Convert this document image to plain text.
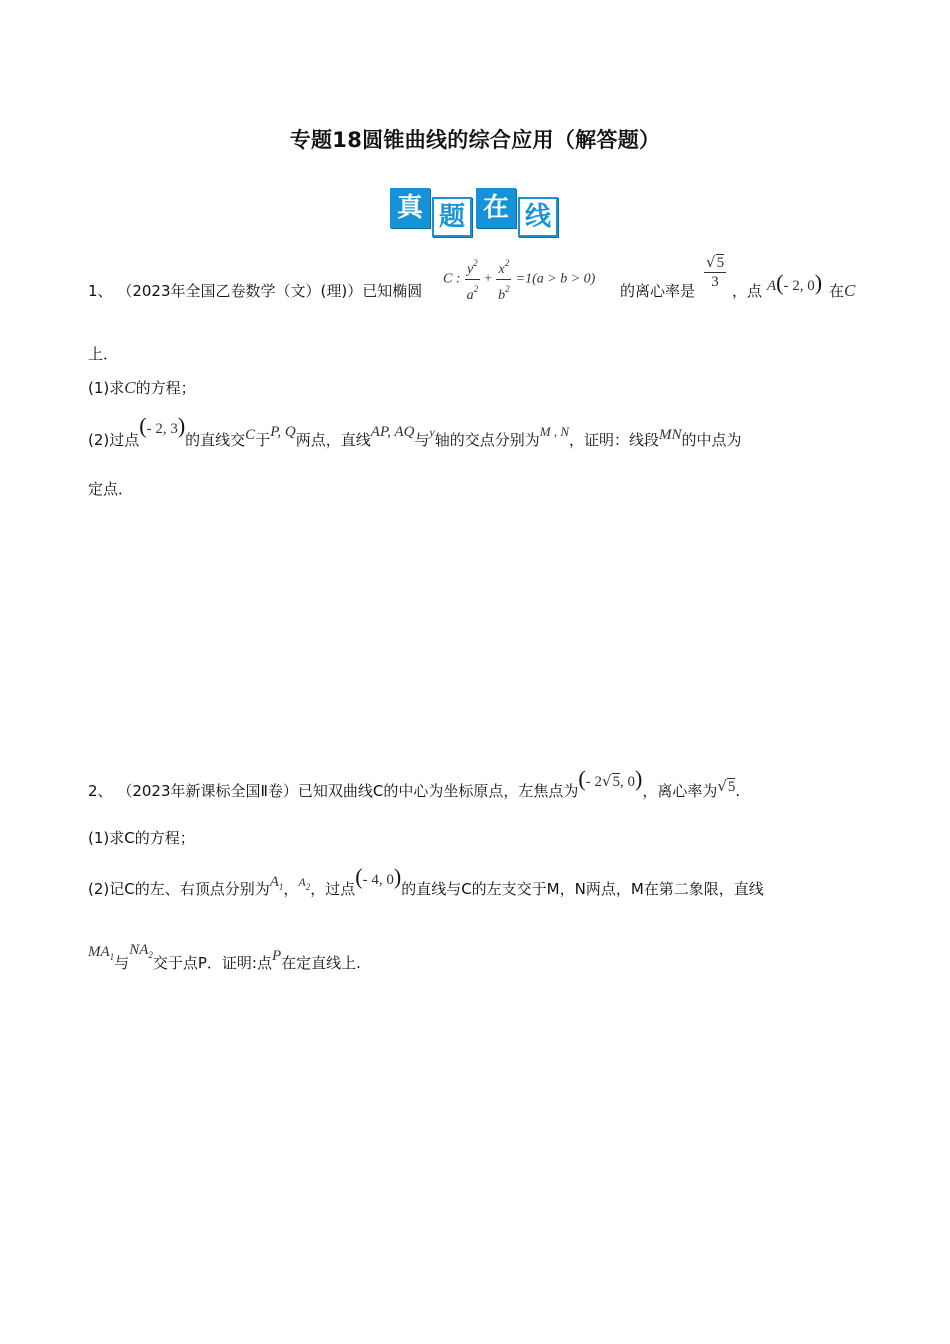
专题18圆锥曲线的综合应用（解答题）
真 题 在 线
1、 （2023年全国乙卷数学（文）(理)）已知椭圆
C : $\frac{y^2}{a^2} + \frac{x^2}{b^2} =1(a > b > 0)$
的离心率是 $\frac{√5}{3}$ ，点 A(- 2, 0) 在C
上．
(1)求C的方程；
(2)过点(- 2, 3)的直线交C于P, Q两点，直线AP, AQ与$^y$轴的交点分别为M , N，证明：线段MN的中点为
定点．
2、 （2023年新课标全国Ⅱ卷）已知双曲线C的中心为坐标原点，左焦点为(- 2√5, 0)，离心率为√5.
(1)求C的方程；
(2)记C的左、右顶点分别为$A_1$，$^{A_2}$，过点(- 4, 0)的直线与C的左支交于M，N两点，M在第二象限，直线
$MA_1$与$NA_2$交于点P．证明:点P在定直线上.
